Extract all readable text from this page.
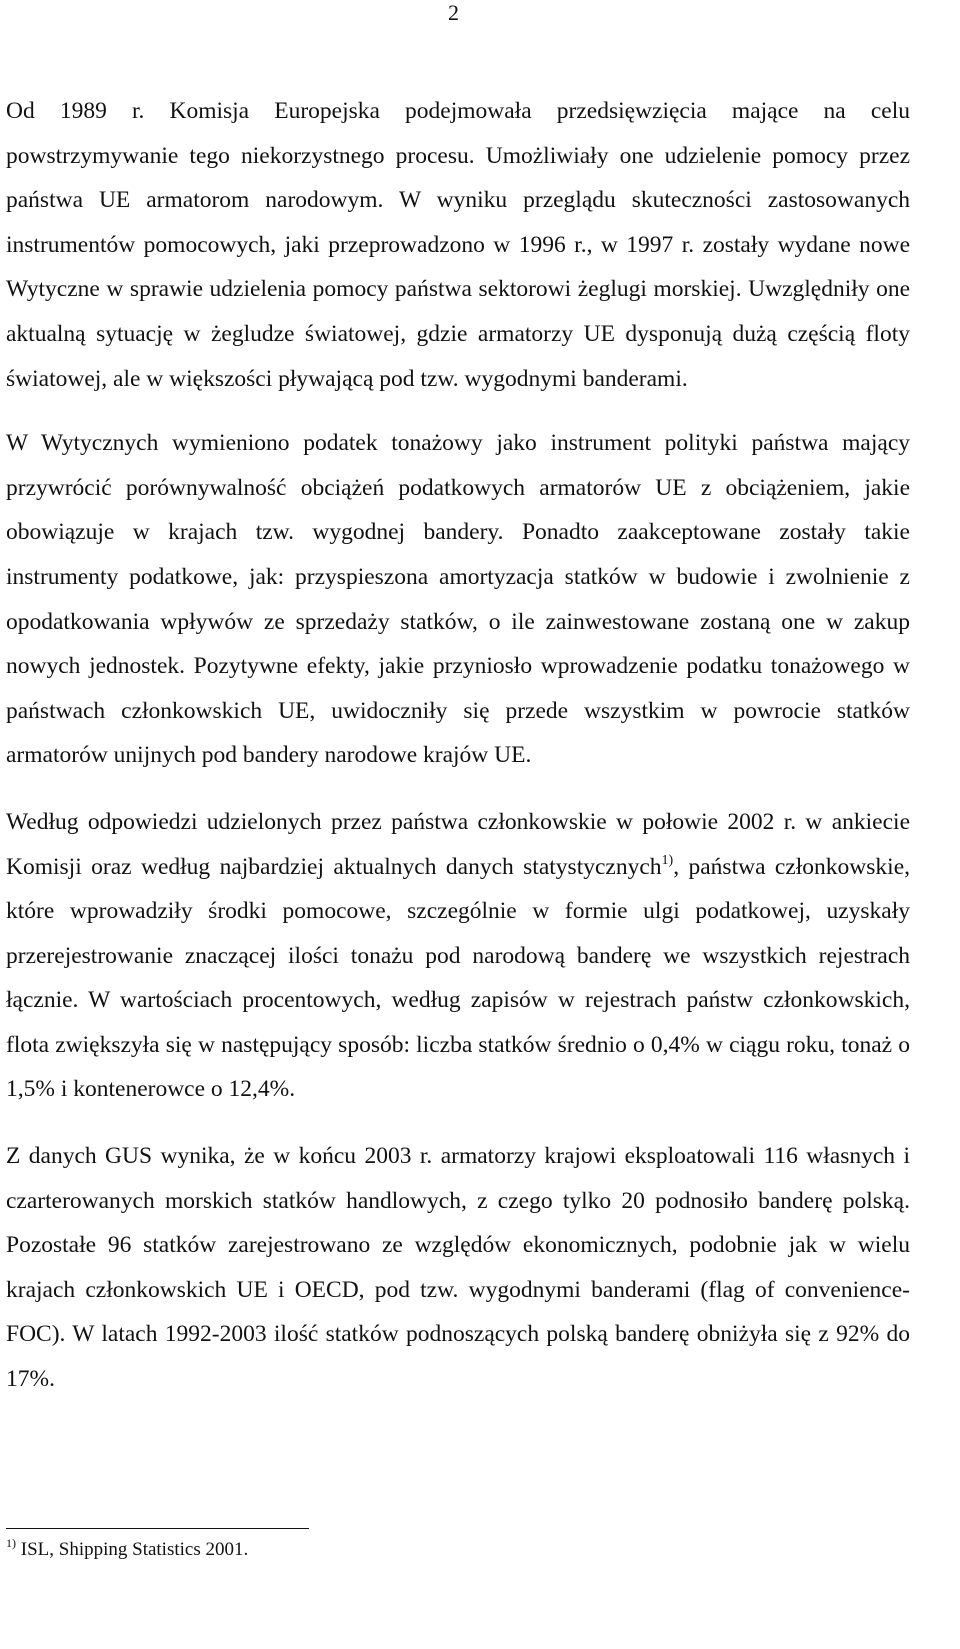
2

Od 1989 r. Komisja Europejska podejmowała przedsięwzięcia mające na celu powstrzymywanie tego niekorzystnego procesu. Umożliwiały one udzielenie pomocy przez państwa UE armatorom narodowym. W wyniku przeglądu skuteczności zastosowanych instrumentów pomocowych, jaki przeprowadzono w 1996 r., w 1997 r. zostały wydane nowe Wytyczne w sprawie udzielenia pomocy państwa sektorowi żeglugi morskiej. Uwzględniły one aktualną sytuację w żegludze światowej, gdzie armatorzy UE dysponują dużą częścią floty światowej, ale w większości pływającą pod tzw. wygodnymi banderami.

W Wytycznych wymieniono podatek tonażowy jako instrument polityki państwa mający przywrócić porównywalność obciążeń podatkowych armatorów UE z obciążeniem, jakie obowiązuje w krajach tzw. wygodnej bandery. Ponadto zaakceptowane zostały takie instrumenty podatkowe, jak: przyspieszona amortyzacja statków w budowie i zwolnienie z opodatkowania wpływów ze sprzedaży statków, o ile zainwestowane zostaną one w zakup nowych jednostek. Pozytywne efekty, jakie przyniosło wprowadzenie podatku tonażowego w państwach członkowskich UE, uwidoczniły się przede wszystkim w powrocie statków armatorów unijnych pod bandery narodowe krajów UE.

Według odpowiedzi udzielonych przez państwa członkowskie w połowie 2002 r. w ankiecie Komisji oraz według najbardziej aktualnych danych statystycznych$^{1)}$, państwa członkowskie, które wprowadziły środki pomocowe, szczególnie w formie ulgi podatkowej, uzyskały przerejestrowanie znaczącej ilości tonażu pod narodową banderę we wszystkich rejestrach łącznie. W wartościach procentowych, według zapisów w rejestrach państw członkowskich, flota zwiększyła się w następujący sposób: liczba statków średnio o 0,4% w ciągu roku, tonaż o 1,5% i kontenerowce o 12,4%.

Z danych GUS wynika, że w końcu 2003 r. armatorzy krajowi eksploatowali 116 własnych i czarterowanych morskich statków handlowych, z czego tylko 20 podnosiło banderę polską. Pozostałe 96 statków zarejestrowano ze względów ekonomicznych, podobnie jak w wielu krajach członkowskich UE i OECD, pod tzw. wygodnymi banderami (flag of convenience-FOC). W latach 1992-2003 ilość statków podnoszących polską banderę obniżyła się z 92% do 17%.

$^{1)}$ ISL, Shipping Statistics 2001.
